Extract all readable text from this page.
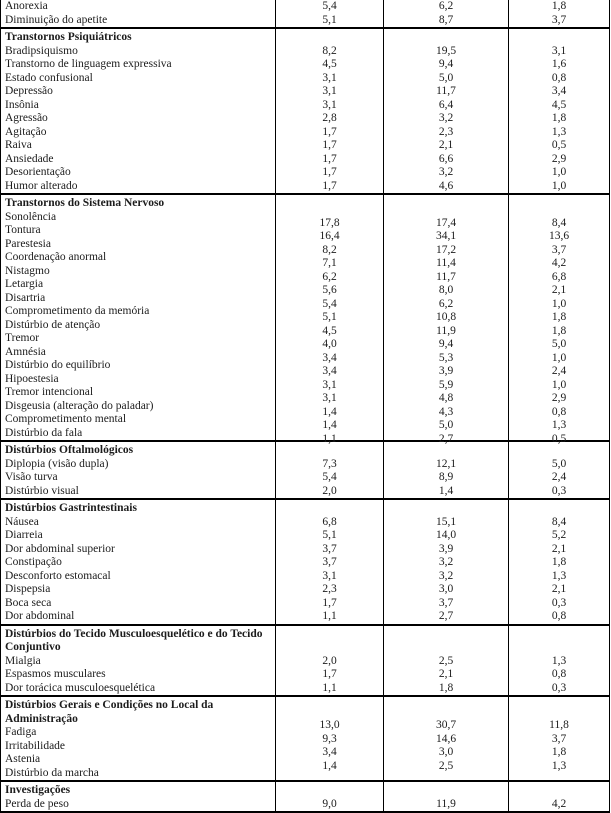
Anorexia	5,4	6,2	1,8
Diminuição do apetite	5,1	8,7	3,7
Transtornos Psiquiátricos			
Bradipsiquismo	8,2	19,5	3,1
Transtorno de linguagem expressiva	4,5	9,4	1,6
Estado confusional	3,1	5,0	0,8
Depressão	3,1	11,7	3,4
Insônia	3,1	6,4	4,5
Agressão	2,8	3,2	1,8
Agitação	1,7	2,3	1,3
Raiva	1,7	2,1	0,5
Ansiedade	1,7	6,6	2,9
Desorientação	1,7	3,2	1,0
Humor alterado	1,7	4,6	1,0
Transtornos do Sistema Nervoso			
Sonolência	17,8	17,4	8,4
Tontura	16,4	34,1	13,6
Parestesia	8,2	17,2	3,7
Coordenação anormal	7,1	11,4	4,2
Nistagmo	6,2	11,7	6,8
Letargia	5,6	8,0	2,1
Disartria	5,4	6,2	1,0
Comprometimento da memória	5,1	10,8	1,8
Distúrbio de atenção	4,5	11,9	1,8
Tremor	4,0	9,4	5,0
Amnésia	3,4	5,3	1,0
Distúrbio do equilíbrio	3,4	3,9	2,4
Hipoestesia	3,1	5,9	1,0
Tremor intencional	3,1	4,8	2,9
Disgeusia (alteração do paladar)	1,4	4,3	0,8
Comprometimento mental	1,4	5,0	1,3
Distúrbio da fala	1,1	2,7	0,5
Distúrbios Oftalmológicos			
Diplopia (visão dupla)	7,3	12,1	5,0
Visão turva	5,4	8,9	2,4
Distúrbio visual	2,0	1,4	0,3
Distúrbios Gastrintestinais			
Náusea	6,8	15,1	8,4
Diarreia	5,1	14,0	5,2
Dor abdominal superior	3,7	3,9	2,1
Constipação	3,7	3,2	1,8
Desconforto estomacal	3,1	3,2	1,3
Dispepsia	2,3	3,0	2,1
Boca seca	1,7	3,7	0,3
Dor abdominal	1,1	2,7	0,8
Distúrbios do Tecido Musculoesquelético e do Tecido Conjuntivo			
Mialgia	2,0	2,5	1,3
Espasmos musculares	1,7	2,1	0,8
Dor torácica musculoesquelética	1,1	1,8	0,3
Distúrbios Gerais e Condições no Local da Administração			
Fadiga	13,0	30,7	11,8
Irritabilidade	9,3	14,6	3,7
Astenia	3,4	3,0	1,8
Distúrbio da marcha	1,4	2,5	1,3
Investigações			
Perda de peso	9,0	11,9	4,2
